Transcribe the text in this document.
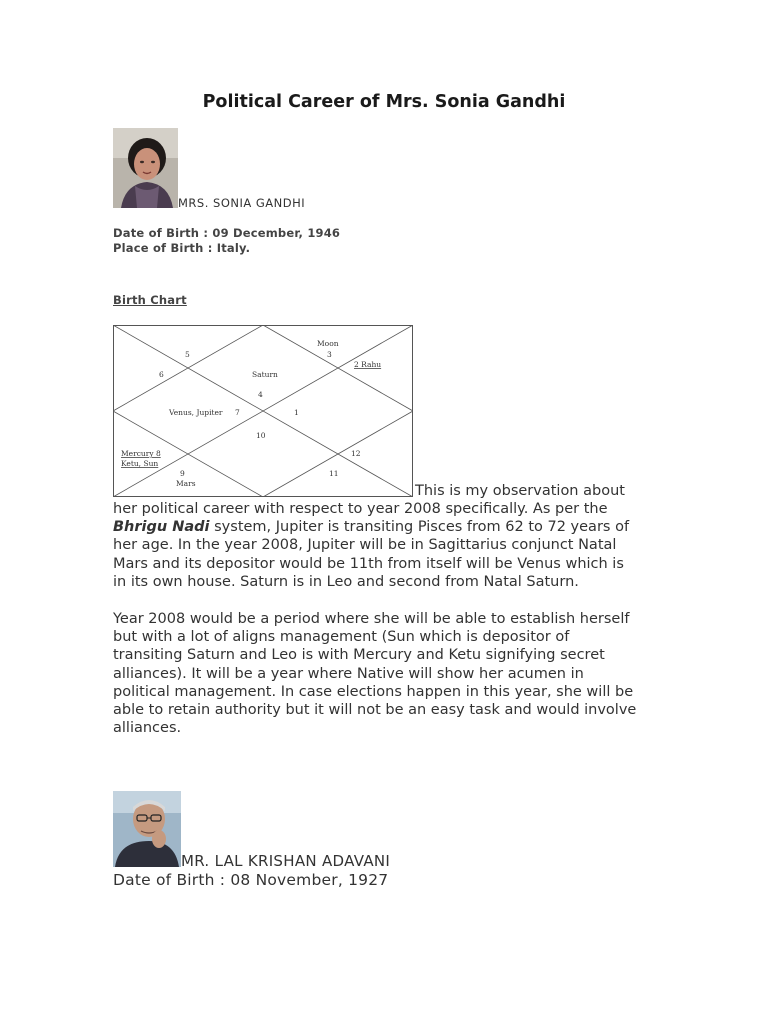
Political Career of Mrs. Sonia Gandhi
MRS. SONIA GANDHI
Date of Birth : 09 December, 1946
Place of Birth : Italy.
Birth Chart
Moon
3
2 Rahu
5
6	Saturn
4
Venus, Jupiter 7	1
10
Mercury 8
Ketu, Sun
12
9	11
Mars	This is my observation about
her political career with respect to year 2008 specifically. As per the
Bhrigu Nadi system, Jupiter is transiting Pisces from 62 to 72 years of
her age. In the year 2008, Jupiter will be in Sagittarius conjunct Natal
Mars and its depositor would be 11th from itself will be Venus which is
in its own house. Saturn is in Leo and second from Natal Saturn.
Year 2008 would be a period where she will be able to establish herself
but with a lot of aligns management (Sun which is depositor of
transiting Saturn and Leo is with Mercury and Ketu signifying secret
alliances). It will be a year where Native will show her acumen in
political management. In case elections happen in this year, she will be
able to retain authority but it will not be an easy task and would involve
alliances.
MR. LAL KRISHAN ADAVANI
Date of Birth : 08 November, 1927
